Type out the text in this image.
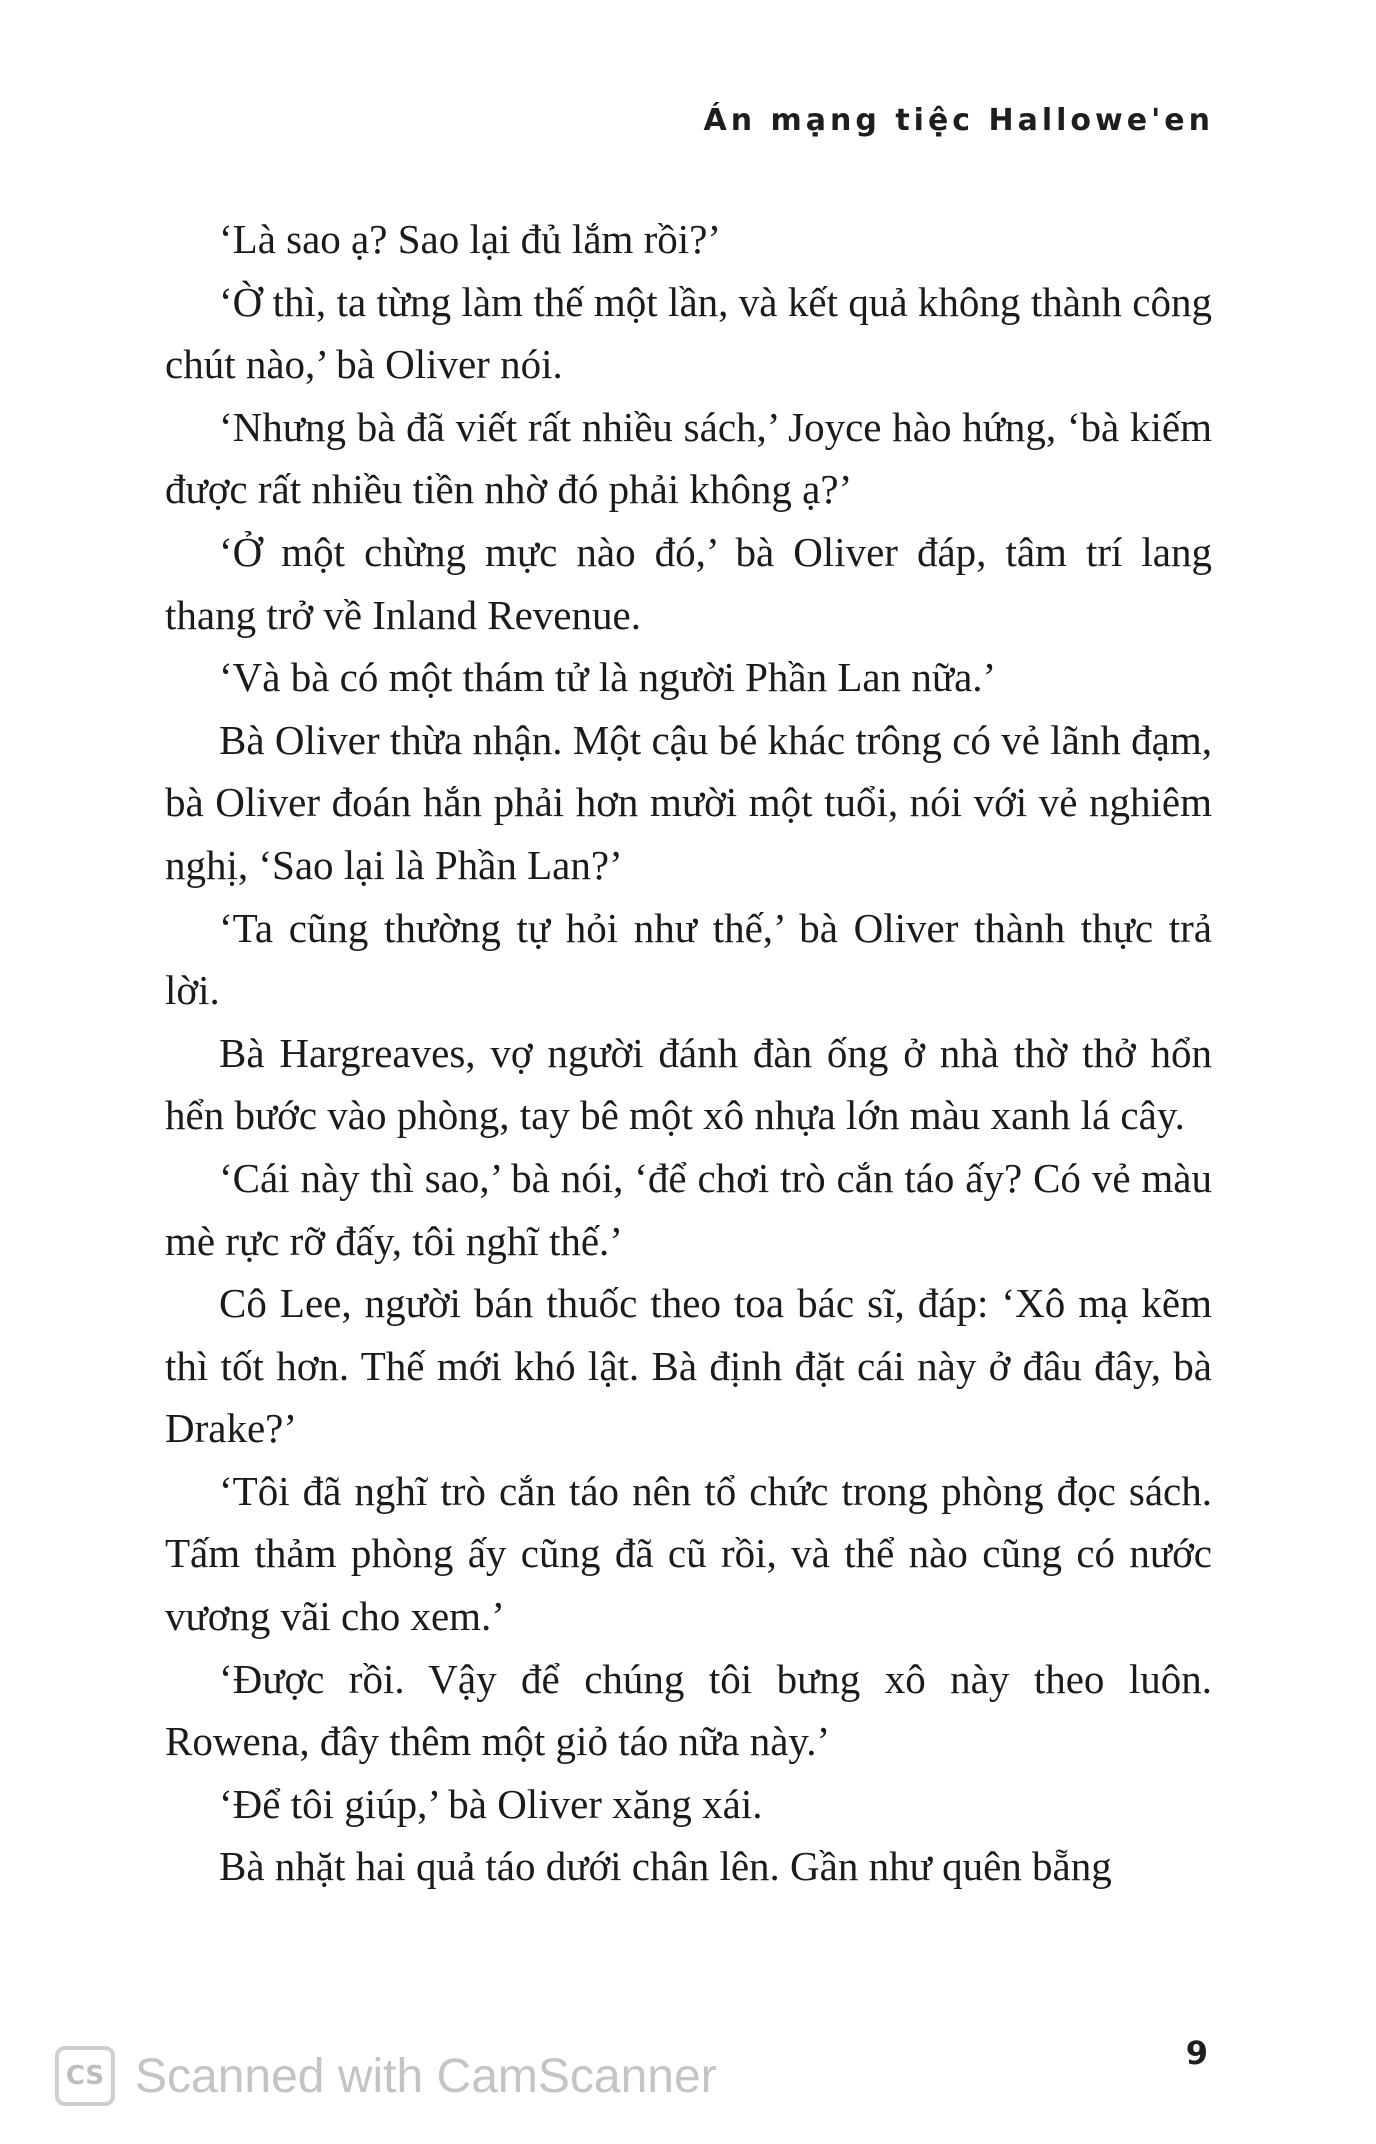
Án mạng tiệc Hallowe'en

‘Là sao ạ? Sao lại đủ lắm rồi?’

‘Ờ thì, ta từng làm thế một lần, và kết quả không thành công chút nào,’ bà Oliver nói.

‘Nhưng bà đã viết rất nhiều sách,’ Joyce hào hứng, ‘bà kiếm được rất nhiều tiền nhờ đó phải không ạ?’

‘Ở một chừng mực nào đó,’ bà Oliver đáp, tâm trí lang thang trở về Inland Revenue.

‘Và bà có một thám tử là người Phần Lan nữa.’

Bà Oliver thừa nhận. Một cậu bé khác trông có vẻ lãnh đạm, bà Oliver đoán hắn phải hơn mười một tuổi, nói với vẻ nghiêm nghị, ‘Sao lại là Phần Lan?’

‘Ta cũng thường tự hỏi như thế,’ bà Oliver thành thực trả lời.

Bà Hargreaves, vợ người đánh đàn ống ở nhà thờ thở hổn hển bước vào phòng, tay bê một xô nhựa lớn màu xanh lá cây.

‘Cái này thì sao,’ bà nói, ‘để chơi trò cắn táo ấy? Có vẻ màu mè rực rỡ đấy, tôi nghĩ thế.’

Cô Lee, người bán thuốc theo toa bác sĩ, đáp: ‘Xô mạ kẽm thì tốt hơn. Thế mới khó lật. Bà định đặt cái này ở đâu đây, bà Drake?’

‘Tôi đã nghĩ trò cắn táo nên tổ chức trong phòng đọc sách. Tấm thảm phòng ấy cũng đã cũ rồi, và thể nào cũng có nước vương vãi cho xem.’

‘Được rồi. Vậy để chúng tôi bưng xô này theo luôn. Rowena, đây thêm một giỏ táo nữa này.’

‘Để tôi giúp,’ bà Oliver xăng xái.

Bà nhặt hai quả táo dưới chân lên. Gần như quên bẵng

9
CS Scanned with CamScanner
